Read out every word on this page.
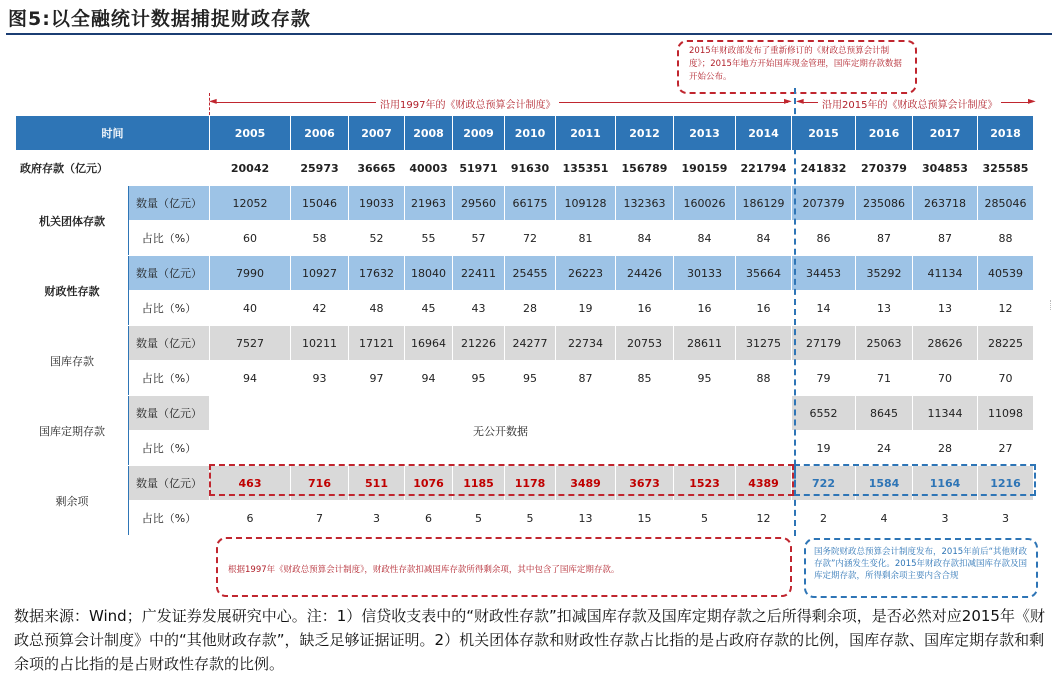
图5:以全融统计数据捕捉财政存款
2015年财政部发布了重新修订的《财政总预算会计制度》；2015年地方开始国库现金管理，国库定期存款数据开始公布。
◄	►
沿用1997年的《财政总预算会计制度》	◄	►
沿用2015年的《财政总预算会计制度》
时间		2005	2006	2007	2008	2009	2010	2011	2012	2013	2014	2015	2016	2017	2018
政府存款（亿元）		20042	25973	36665	40003	51971	91630	135351	156789	190159	221794	241832	270379	304853	325585
机关团体存款	数量（亿元）	12052	15046	19033	21963	29560	66175	109128	132363	160026	186129	207379	235086	263718	285046
	占比（%）	60	58	52	55	57	72	81	84	84	84	86	87	87	88
财政性存款	数量（亿元）	7990	10927	17632	18040	22411	25455	26223	24426	30133	35664	34453	35292	41134	40539
	占比（%）	40	42	48	45	43	28	19	16	16	16	14	13	13	12
国库存款	数量（亿元）	7527	10211	17121	16964	21226	24277	22734	20753	28611	31275	27179	25063	28626	28225
	占比（%）	94	93	97	94	95	95	87	85	95	88	79	71	70	70
国库定期存款	数量（亿元）	无公开数据										6552	8645	11344	11098
	占比（%）											19	24	28	27
剩余项	数量（亿元）	463	716	511	1076	1185	1178	3489	3673	1523	4389	722	1584	1164	1216
	占比（%）	6	7	3	6	5	5	13	15	5	12	2	4	3	3
根据1997年《财政总预算会计制度》，财政性存款扣减国库存款所得剩余项，其中包含了国库定期存款。
国务院财政总预算会计制度发布，2015年前后“其他财政存款”内涵发生变化。2015年财政存款扣减国库存款及国库定期存款，所得剩余项主要内含合规
数据来源：Wind；广发证券发展研究中心。注：1）信贷收支表中的“财政性存款”扣减国库存款及国库定期存款之后所得剩余项，是否必然对应2015年《财政总预算会计制度》中的“其他财政存款”，缺乏足够证据证明。2）机关团体存款和财政性存款占比指的是占政府存款的比例，国库存款、国库定期存款和剩余项的占比指的是占财政性存款的比例。
